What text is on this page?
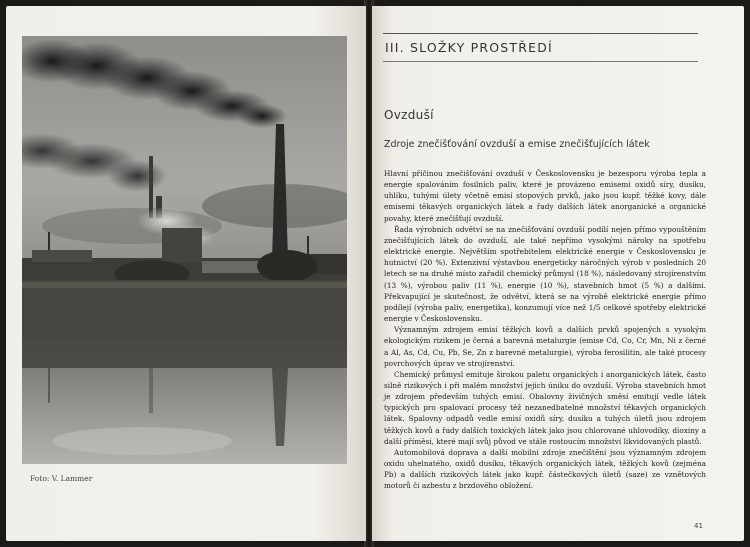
Foto: V. Lammer
III. SLOŽKY PROSTŘEDÍ
Ovzduší
Zdroje znečišťování ovzduší a emise znečišťujících látek

Hlavní příčinou znečišťování ovzduší v Československu je bezesporu výroba tepla a energie spalováním fosilních paliv, které je provázeno emisemi oxidů síry, dusíku, uhlíku, tuhými úlety včetně emisí stopových prvků, jako jsou kupř. těžké kovy, dále emisemi těkavých organických látek a řady dalších látek anorganické a organické povahy, které znečišťují ovzduší.

Řada výrobních odvětví se na znečišťování ovzduší podílí nejen přímo vypouštěním znečišťujících látek do ovzduší, ale také nepřímo vysokými nároky na spotřebu elektrické energie. Největším spotřebitelem elektrické energie v Československu je hutnictví (20 %). Extenzivní výstavbou energeticky náročných výrob v posledních 20 letech se na druhé místo zařadil chemický průmysl (18 %), následovaný strojírenstvím (13 %), výrobou paliv (11 %), energie (10 %), stavebních hmot (5 %) a dalšími. Překvapující je skutečnost, že odvětví, která se na výrobě elektrické energie přímo podílejí (výroba paliv, energetika), konzumují více než 1/5 celkové spotřeby elektrické energie v Československu.

Významným zdrojem emisí těžkých kovů a dalších prvků spojených s vysokým ekologickým rizikem je černá a barevná metalurgie (emise Cd, Co, Cr, Mn, Ni z černé a Al, As, Cd, Cu, Pb, Se, Zn z barevné metalurgie), výroba ferosilitin, ale také procesy povrchových úprav ve strojírenství.

Chemický průmysl emituje širokou paletu organických i anorganických látek, často silně rizikových i při malém množství jejich úniku do ovzduší. Výroba stavebních hmot je zdrojem především tuhých emisí. Obalovny živičných směsí emitují vedle látek typických pro spalovací procesy též nezanedbatelné množství těkavých organických látek. Spalovny odpadů vedle emisí oxidů síry, dusíku a tuhých úletů jsou zdrojem těžkých kovů a řady dalších toxických látek jako jsou chlorované uhlovodíky, dioxiny a další příměsi, které mají svůj původ ve stále rostoucím množství likvidovaných plastů.

Automobilová doprava a další mobilní zdroje znečištění jsou významným zdrojem oxidu uhelnatého, oxidů dusíku, těkavých organických látek, těžkých kovů (zejména Pb) a dalších rizikových látek jako kupř. částečkových úletů (saze) ze vznětových motorů či azbestu z brzdového obložení.

41
